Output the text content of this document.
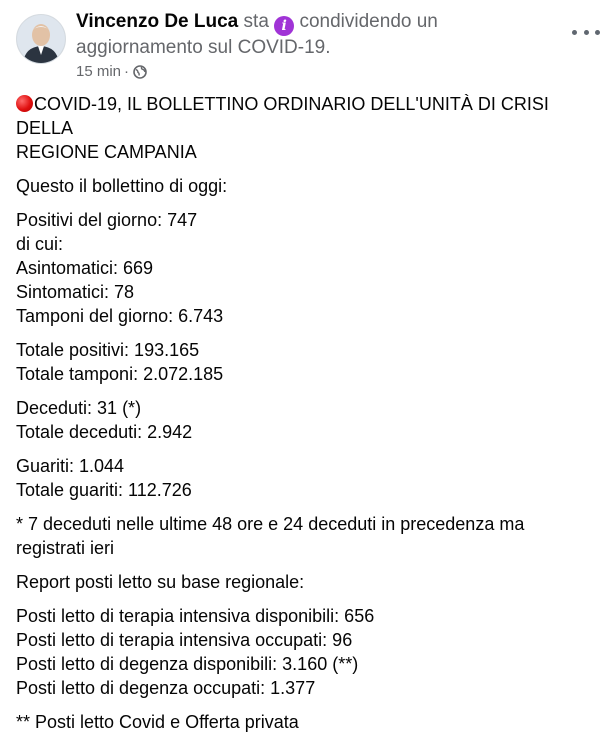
Vincenzo De Luca sta i condividendo un
aggiornamento sul COVID-19.
15 min ·

COVID-19, IL BOLLETTINO ORDINARIO DELL'UNITÀ DI CRISI DELLA
REGIONE CAMPANIA

Questo il bollettino di oggi:

Positivi del giorno: 747
di cui:
Asintomatici: 669
Sintomatici: 78
Tamponi del giorno: 6.743

Totale positivi: 193.165
Totale tamponi: 2.072.185

Deceduti: 31 (*)
Totale deceduti: 2.942

Guariti: 1.044
Totale guariti: 112.726

* 7 deceduti nelle ultime 48 ore e 24 deceduti in precedenza ma
registrati ieri

Report posti letto su base regionale:

Posti letto di terapia intensiva disponibili: 656
Posti letto di terapia intensiva occupati: 96
Posti letto di degenza disponibili: 3.160 (**)
Posti letto di degenza occupati: 1.377

** Posti letto Covid e Offerta privata
